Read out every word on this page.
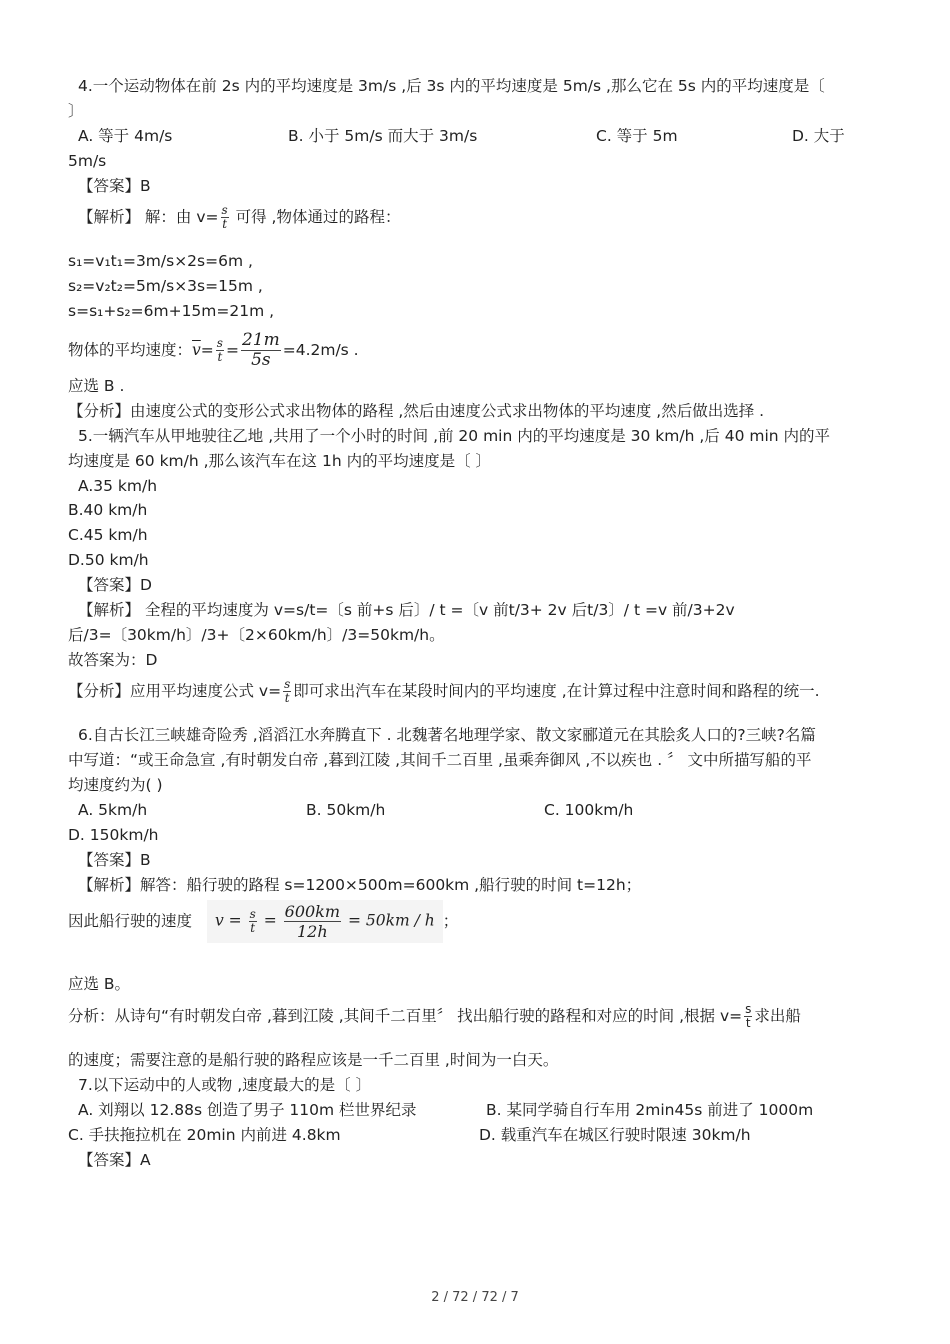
4.一个运动物体在前 2s 内的平均速度是 3m/s ,后 3s 内的平均速度是 5m/s ,那么它在 5s 内的平均速度是〔
〕
A. 等于 4m/s	B. 小于 5m/s 而大于 3m/s	C. 等于 5m	D. 大于
5m/s
【答案】B
【解析】 解：由 $v= \frac{s}{t}$ 可得 ,物体通过的路程：
s₁=v₁t₁=3m/s×2s=6m ,
s₂=v₂t₂=5m/s×3s=15m ,
s=s₁+s₂=6m+15m=21m ,
物体的平均速度：$\overline{v}= \frac{s}{t} = \frac{21m}{5s} =4.2m/s$ .
应选 B .
【分析】由速度公式的变形公式求出物体的路程 ,然后由速度公式求出物体的平均速度 ,然后做出选择 .
5.一辆汽车从甲地驶往乙地 ,共用了一个小时的时间 ,前 20 min 内的平均速度是 30 km/h ,后 40 min 内的平
均速度是 60 km/h ,那么该汽车在这 1h 内的平均速度是〔 〕
A.35 km/h
B.40 km/h
C.45 km/h
D.50 km/h
【答案】D
【解析】 全程的平均速度为 v=s/t=〔s 前+s 后〕/ t =〔v 前t/3+ 2v 后t/3〕/ t =v 前/3+2v
后/3=〔30km/h〕/3+〔2×60km/h〕/3=50km/h。
故答案为：D
【分析】应用平均速度公式 $v= \frac{s}{t}$ 即可求出汽车在某段时间内的平均速度 ,在计算过程中注意时间和路程的统一.
6.自古长江三峡雄奇险秀 ,滔滔江水奔腾直下 . 北魏著名地理学家、散文家郦道元在其脍炙人口的?三峡?名篇
中写道：“或王命急宣 ,有时朝发白帝 ,暮到江陵 ,其间千二百里 ,虽乘奔御风 ,不以疾也 . 〞 文中所描写船的平
均速度约为( )
A. 5km/h	B. 50km/h	C. 100km/h
D. 150km/h
【答案】B
【解析】解答：船行驶的路程 s=1200×500m=600km ,船行驶的时间 t=12h；
因此船行驶的速度 $v = \frac{s}{t} = \frac{600km}{12h} = 50km / h$ ；
应选 B。
分析：从诗句“有时朝发白帝 ,暮到江陵 ,其间千二百里〞 找出船行驶的路程和对应的时间 ,根据 $v= \frac{s}{t}$ 求出船
的速度；需要注意的是船行驶的路程应该是一千二百里 ,时间为一白天。
7.以下运动中的人或物 ,速度最大的是〔 〕
A. 刘翔以 12.88s 创造了男子 110m 栏世界纪录	B. 某同学骑自行车用 2min45s 前进了 1000m
C. 手扶拖拉机在 20min 内前进 4.8km	D. 载重汽车在城区行驶时限速 30km/h
【答案】A
2 / 72 / 72 / 7
